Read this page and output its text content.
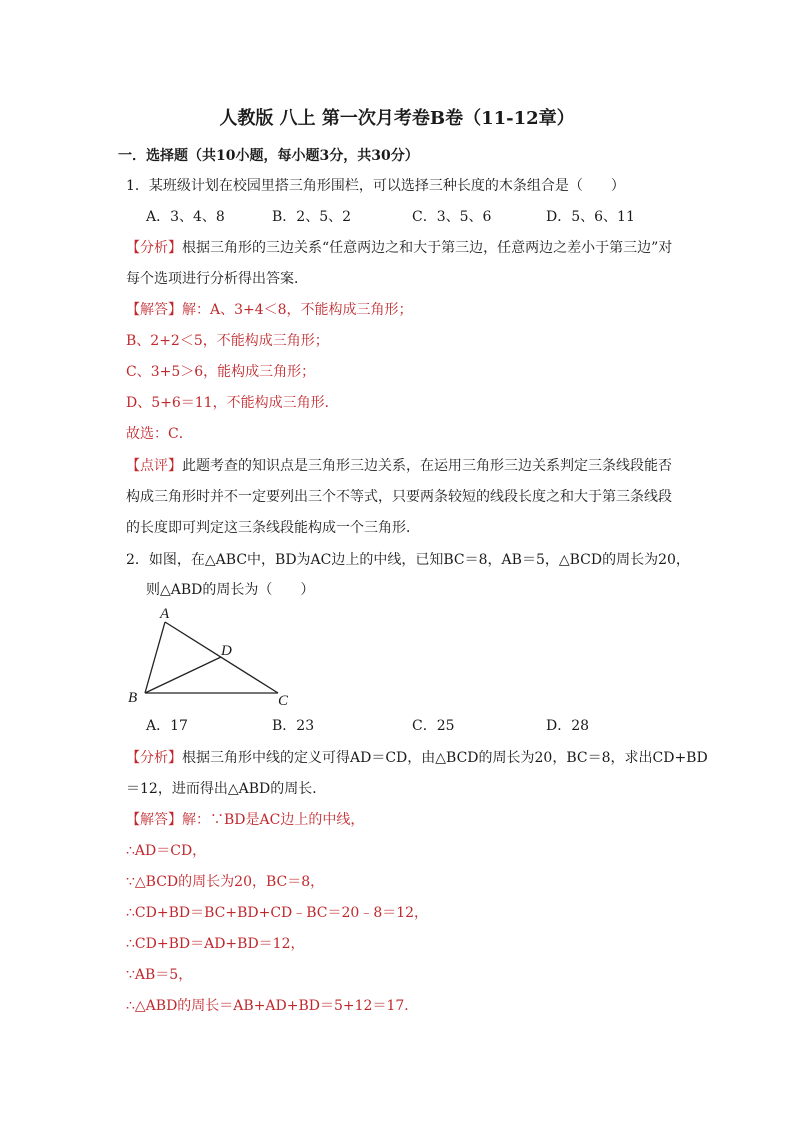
人教版 八上 第一次月考卷B卷（11-12章）
一．选择题（共10小题，每小题3分，共30分）
1．某班级计划在校园里搭三角形围栏，可以选择三种长度的木条组合是（　　）
A．3、4、8	B．2、5、2	C．3、5、6	D．5、6、11
【分析】根据三角形的三边关系“任意两边之和大于第三边，任意两边之差小于第三边”对
每个选项进行分析得出答案．
【解答】解：A、3+4＜8，不能构成三角形；
B、2+2＜5，不能构成三角形；
C、3+5＞6，能构成三角形；
D、5+6＝11，不能构成三角形．
故选：C．
【点评】此题考查的知识点是三角形三边关系，在运用三角形三边关系判定三条线段能否
构成三角形时并不一定要列出三个不等式，只要两条较短的线段长度之和大于第三条线段
的长度即可判定这三条线段能构成一个三角形．
2．如图，在△ABC中，BD为AC边上的中线，已知BC＝8，AB＝5，△BCD的周长为20，
则△ABD的周长为（　　）
A
B	C
D
A．17	B．23	C．25	D．28
【分析】根据三角形中线的定义可得AD＝CD，由△BCD的周长为20，BC＝8，求出CD+BD
＝12，进而得出△ABD的周长．
【解答】解：∵BD是AC边上的中线，
∴AD＝CD，
∵△BCD的周长为20，BC＝8，
∴CD+BD＝BC+BD+CD﹣BC＝20﹣8＝12，
∴CD+BD＝AD+BD＝12，
∵AB＝5，
∴△ABD的周长＝AB+AD+BD＝5+12＝17．
